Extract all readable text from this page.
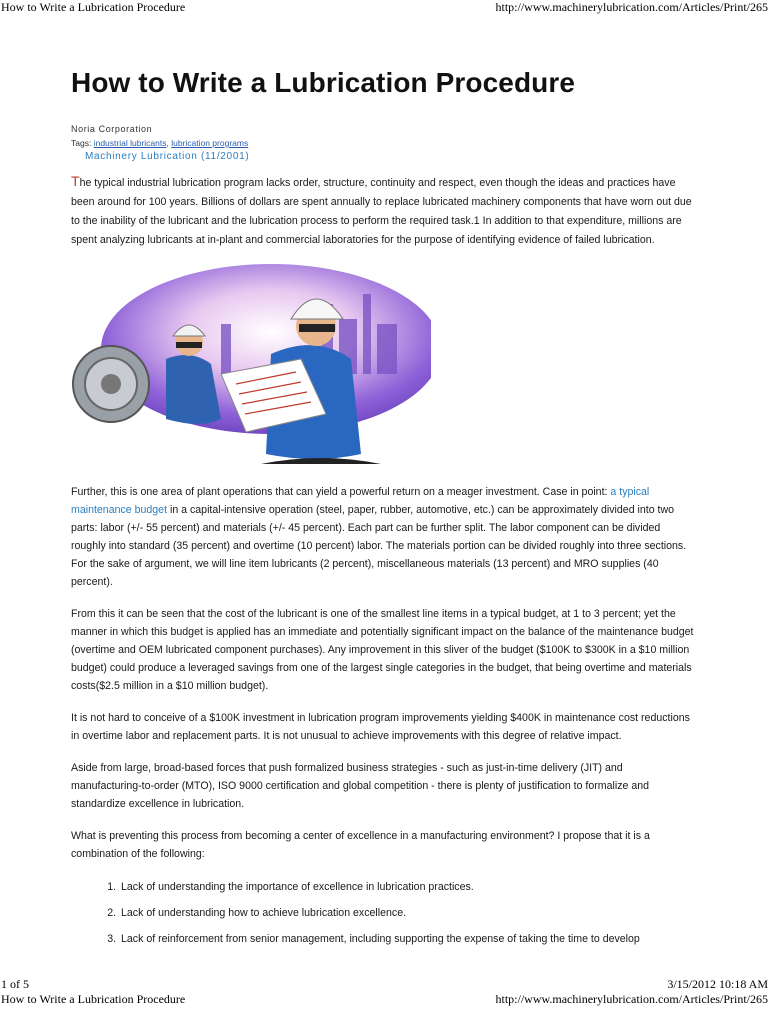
How to Write a Lubrication Procedure	http://www.machinerylubrication.com/Articles/Print/265
How to Write a Lubrication Procedure
Noria Corporation
Tags: industrial lubricants, lubrication programs
Machinery Lubrication (11/2001)
The typical industrial lubrication program lacks order, structure, continuity and respect, even though the ideas and practices have
been around for 100 years. Billions of dollars are spent annually to replace lubricated machinery components that have worn out due
to the inability of the lubricant and the lubrication process to perform the required task.1 In addition to that expenditure, millions are
spent analyzing lubricants at in-plant and commercial laboratories for the purpose of identifying evidence of failed lubrication.
Further, this is one area of plant operations that can yield a powerful return on a meager investment. Case in point: a typical
maintenance budget in a capital-intensive operation (steel, paper, rubber, automotive, etc.) can be approximately divided into two
parts: labor (+/- 55 percent) and materials (+/- 45 percent). Each part can be further split. The labor component can be divided
roughly into standard (35 percent) and overtime (10 percent) labor. The materials portion can be divided roughly into three sections.
For the sake of argument, we will line item lubricants (2 percent), miscellaneous materials (13 percent) and MRO supplies (40
percent).
From this it can be seen that the cost of the lubricant is one of the smallest line items in a typical budget, at 1 to 3 percent; yet the
manner in which this budget is applied has an immediate and potentially significant impact on the balance of the maintenance budget
(overtime and OEM lubricated component purchases). Any improvement in this sliver of the budget ($100K to $300K in a $10 million
budget) could produce a leveraged savings from one of the largest single categories in the budget, that being overtime and materials
costs($2.5 million in a $10 million budget).
It is not hard to conceive of a $100K investment in lubrication program improvements yielding $400K in maintenance cost reductions
in overtime labor and replacement parts. It is not unusual to achieve improvements with this degree of relative impact.
Aside from large, broad-based forces that push formalized business strategies - such as just-in-time delivery (JIT) and
manufacturing-to-order (MTO), ISO 9000 certification and global competition - there is plenty of justification to formalize and
standardize excellence in lubrication.
What is preventing this process from becoming a center of excellence in a manufacturing environment? I propose that it is a
combination of the following:
1. Lack of understanding the importance of excellence in lubrication practices.
2. Lack of understanding how to achieve lubrication excellence.
3. Lack of reinforcement from senior management, including supporting the expense of taking the time to develop
1 of 5	3/15/2012 10:18 AM
How to Write a Lubrication Procedure	http://www.machinerylubrication.com/Articles/Print/265
